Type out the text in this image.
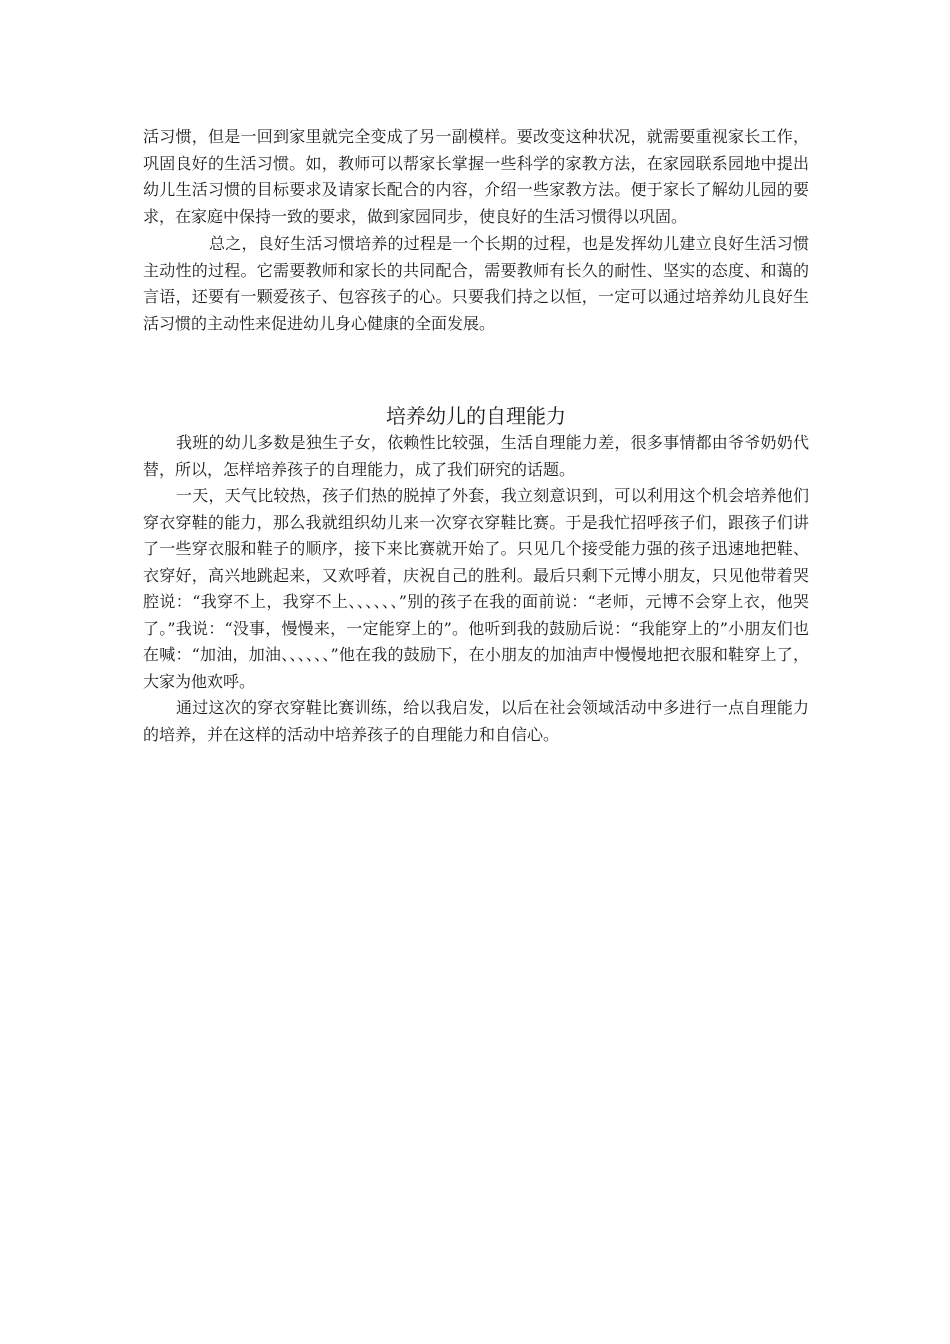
活习惯，但是一回到家里就完全变成了另一副模样。要改变这种状况，就需要重视家长工作，巩固良好的生活习惯。如，教师可以帮家长掌握一些科学的家教方法，在家园联系园地中提出幼儿生活习惯的目标要求及请家长配合的内容，介绍一些家教方法。便于家长了解幼儿园的要求，在家庭中保持一致的要求，做到家园同步，使良好的生活习惯得以巩固。

总之，良好生活习惯培养的过程是一个长期的过程，也是发挥幼儿建立良好生活习惯主动性的过程。它需要教师和家长的共同配合，需要教师有长久的耐性、坚实的态度、和蔼的言语，还要有一颗爱孩子、包容孩子的心。只要我们持之以恒，一定可以通过培养幼儿良好生活习惯的主动性来促进幼儿身心健康的全面发展。

培养幼儿的自理能力

我班的幼儿多数是独生子女，依赖性比较强，生活自理能力差，很多事情都由爷爷奶奶代替，所以，怎样培养孩子的自理能力，成了我们研究的话题。

一天，天气比较热，孩子们热的脱掉了外套，我立刻意识到，可以利用这个机会培养他们穿衣穿鞋的能力，那么我就组织幼儿来一次穿衣穿鞋比赛。于是我忙招呼孩子们，跟孩子们讲了一些穿衣服和鞋子的顺序，接下来比赛就开始了。只见几个接受能力强的孩子迅速地把鞋、衣穿好，高兴地跳起来，又欢呼着，庆祝自己的胜利。最后只剩下元博小朋友，只见他带着哭腔说：“我穿不上，我穿不上、、、、、、”别的孩子在我的面前说：“老师，元博不会穿上衣，他哭了。”我说：“没事，慢慢来，一定能穿上的”。他听到我的鼓励后说：“我能穿上的”小朋友们也在喊：“加油，加油、、、、、、”他在我的鼓励下，在小朋友的加油声中慢慢地把衣服和鞋穿上了，大家为他欢呼。

通过这次的穿衣穿鞋比赛训练，给以我启发，以后在社会领域活动中多进行一点自理能力的培养，并在这样的活动中培养孩子的自理能力和自信心。
